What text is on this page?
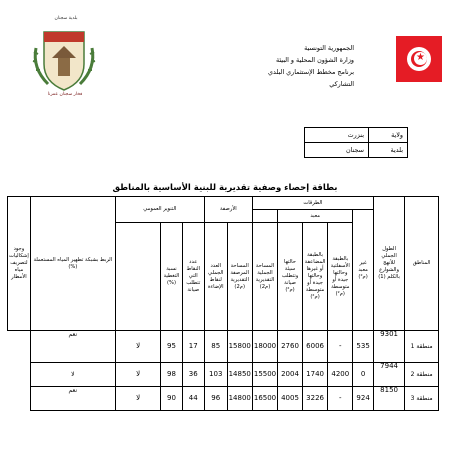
الجمهورية التونسية
وزارة الشؤون المحلية و البيئة
برنامج مخطط الإستثماري البلدي
التشاركي
★
بلدية سجنان
فخار سجنان عمرنا
ولاية	بنزرت
بلدية	سجنان
بطاقة إحصاء وصفية تقديرية للبنية الأساسية بالمناطق
المناطق	الطول الجملي للأنهج والشوارع بالكلم (1)	الطرقات					الأرصفة		التنوير العمومي			الربط بشبكة تطهير المياه المستعملة (%)	وجود إشكاليات لتصريف مياه الأمطار
		غير معبد (م²)	معبد										
			بالطبقة الأسفلتية وحالتها جيدة أو متوسطة (م²)	بالطبقة المضاعفة أو غيرها وحالتها جيدة أو متوسطة (م²)	حالتها سيئة وتتطلب صيانة (م²)	المساحة الجملية التقديرية (م2)	المساحة المرصفة التقديرية (م2)	العدد الجملي لنقاط الإضاءة	عدد النقاط التي تتطلب صيانة	نسبة التغطية (%)			
منطقة 1	9301	535	-	6006	2760	18000	15800	85	17	95	لا	نعم	
منطقة 2	7944	0	4200	1740	2004	15500	14850	103	36	98	لا	لا	
منطقة 3	8150	924	-	3226	4005	16500	14800	96	44	90	لا	نعم	
